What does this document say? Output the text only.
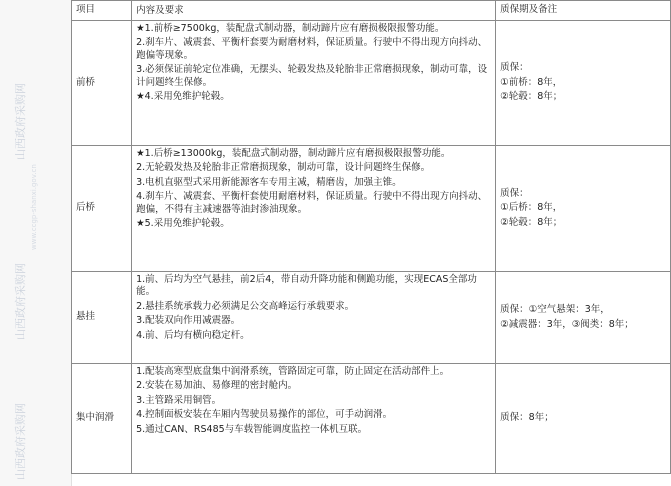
山西政府采购网
www.ccgp-shanxi.gov.cn
山西政府采购网
山西政府采购网
项目	内容及要求	质保期及备注
前桥	★1.前桥≥7500kg，装配盘式制动器，制动蹄片应有磨损极限报警功能。
2.刹车片、减震套、平衡杆套要为耐磨材料，保证质量。行驶中不得出现方向抖动、跑偏等现象。
3.必须保证前轮定位准确，无摆头、轮毂发热及轮胎非正常磨损现象，制动可靠，设计问题终生保修。
★4.采用免维护轮毂。	质保：
①前桥：8年，
②轮毂：8年；

后桥	★1.后桥≥13000kg，装配盘式制动器，制动蹄片应有磨损极限报警功能。
2.无轮毂发热及轮胎非正常磨损现象，制动可靠，设计问题终生保修。
3.电机直驱型式采用新能源客车专用主减，精磨齿，加强主锥。
4.刹车片、减震套、平衡杆套使用耐磨材料，保证质量。行驶中不得出现方向抖动、跑偏，不得有主减速器等油封渗油现象。
★5.采用免维护轮毂。	质保：
①后桥：8年，
②轮毂：8年；

悬挂	1.前、后均为空气悬挂，前2后4，带自动升降功能和侧跪功能，实现ECAS全部功能。
2.悬挂系统承载力必须满足公交高峰运行承载要求。
3.配装双向作用减震器。
4.前、后均有横向稳定杆。	质保：①空气悬架：3年，
②减震器：3年，③阀类：8年；

集中润滑	1.配装高寒型底盘集中润滑系统，管路固定可靠，防止固定在活动部件上。
2.安装在易加油、易修理的密封舱内。
3.主管路采用铜管。
4.控制面板安装在车厢内驾驶员易操作的部位，可手动润滑。
5.通过CAN、RS485与车载智能调度监控一体机互联。	质保：8年；
